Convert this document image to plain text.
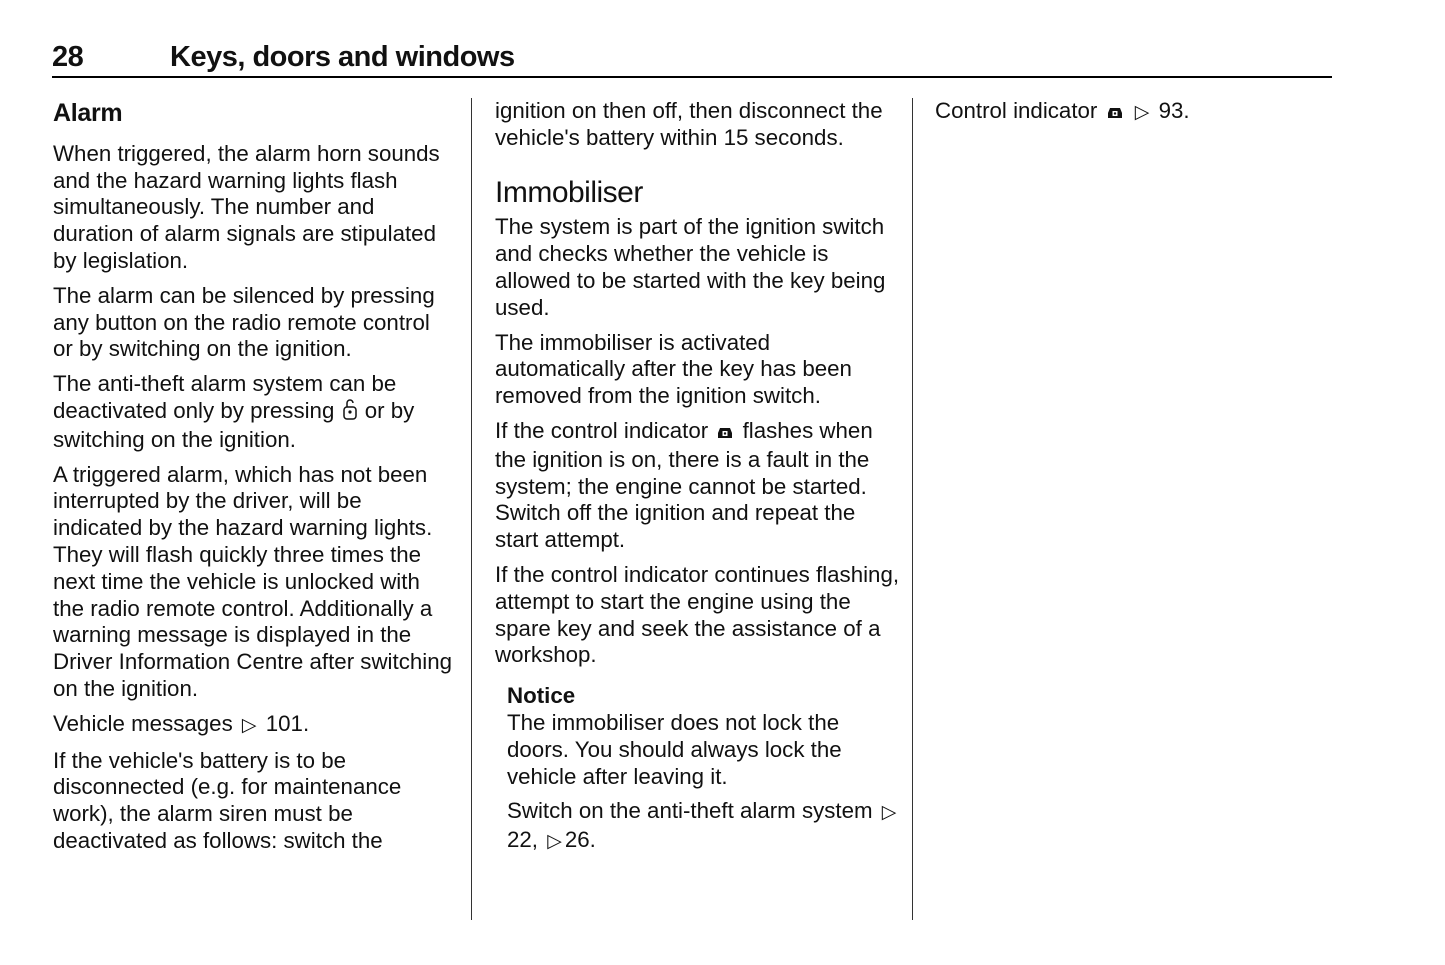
28	Keys, doors and windows
Alarm

When triggered, the alarm horn sounds and the hazard warning lights flash simultaneously. The number and duration of alarm signals are stipulated by legislation.

The alarm can be silenced by pressing any button on the radio remote control or by switching on the ignition.

The anti-theft alarm system can be deactivated only by pressing or by switching on the ignition.

A triggered alarm, which has not been interrupted by the driver, will be indicated by the hazard warning lights. They will flash quickly three times the next time the vehicle is unlocked with the radio remote control. Additionally a warning message is displayed in the Driver Information Centre after switching on the ignition.

Vehicle messages ▷ 101.

If the vehicle's battery is to be disconnected (e.g. for maintenance work), the alarm siren must be deactivated as follows: switch the

ignition on then off, then disconnect the vehicle's battery within 15 seconds.

Immobiliser

The system is part of the ignition switch and checks whether the vehicle is allowed to be started with the key being used.

The immobiliser is activated automatically after the key has been removed from the ignition switch.

If the control indicator flashes when the ignition is on, there is a fault in the system; the engine cannot be started. Switch off the ignition and repeat the start attempt.

If the control indicator continues flashing, attempt to start the engine using the spare key and seek the assistance of a workshop.

Notice

The immobiliser does not lock the doors. You should always lock the vehicle after leaving it.

Switch on the anti-theft alarm system ▷22, ▷ 26.

Control indicator ▷ 93.
